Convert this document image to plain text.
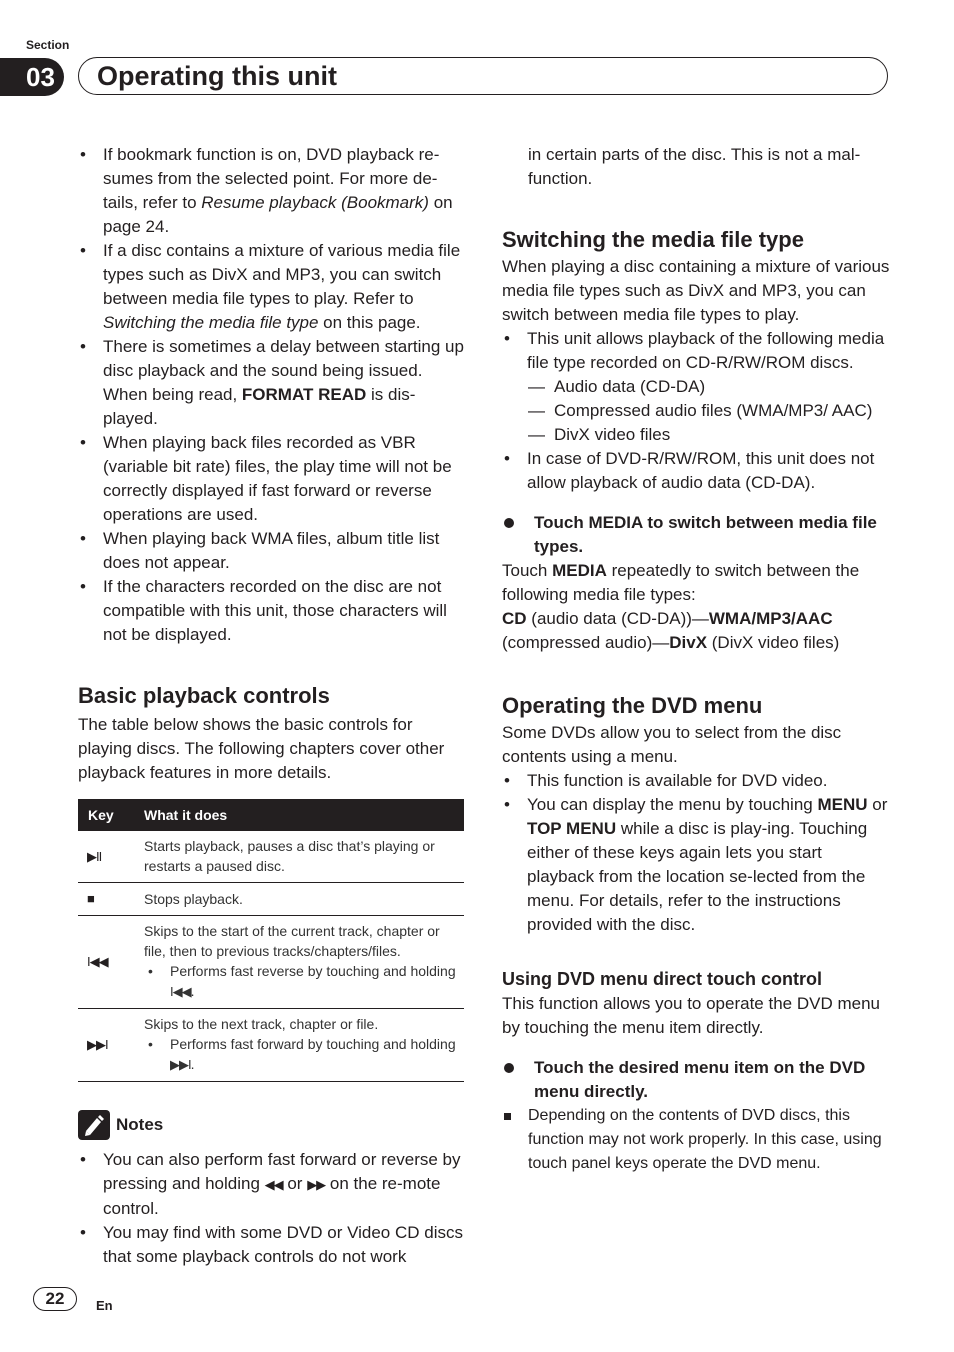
Section
03	Operating this unit
• If bookmark function is on, DVD playback re-sumes from the selected point. For more de-tails, refer to Resume playback (Bookmark) on page 24.
• If a disc contains a mixture of various media file types such as DivX and MP3, you can switch between media file types to play. Refer to Switching the media file type on this page.
• There is sometimes a delay between starting up disc playback and the sound being issued. When being read, FORMAT READ is dis-played.
• When playing back files recorded as VBR (variable bit rate) files, the play time will not be correctly displayed if fast forward or reverse operations are used.
• When playing back WMA files, album title list does not appear.
• If the characters recorded on the disc are not compatible with this unit, those characters will not be displayed.
Basic playback controls

The table below shows the basic controls for playing discs. The following chapters cover other playback features in more details.

Key	What it does
▶II	Starts playback, pauses a disc that’s playing or restarts a paused disc.
■	Stops playback.
I◀◀	Skips to the start of the current track, chapter or file, then to previous tracks/chapters/files.
• Performs fast reverse by touching and holding I◀◀.

▶▶I	Skips to the next track, chapter or file.
• Performs fast forward by touching and holding ▶▶I.
Notes
• You can also perform fast forward or reverse by pressing and holding ◀◀ or ▶▶ on the re-mote control.
• You may find with some DVD or Video CD discs that some playback controls do not work

in certain parts of the disc. This is not a mal-function.

Switching the media file type

When playing a disc containing a mixture of various media file types such as DivX and MP3, you can switch between media file types to play.

• This unit allows playback of the following media file type recorded on CD-R/RW/ROM discs.
— Audio data (CD-DA)
— Compressed audio files (WMA/MP3/ AAC)
— DivX video files
• In case of DVD-R/RW/ROM, this unit does not allow playback of audio data (CD-DA).
Touch MEDIA to switch between media file types.

Touch MEDIA repeatedly to switch between the following media file types:

CD (audio data (CD-DA))—WMA/MP3/AAC (compressed audio)—DivX (DivX video files)

Operating the DVD menu

Some DVDs allow you to select from the disc contents using a menu.

• This function is available for DVD video.
• You can display the menu by touching MENU or TOP MENU while a disc is play-ing. Touching either of these keys again lets you start playback from the location se-lected from the menu. For details, refer to the instructions provided with the disc.
Using DVD menu direct touch control

This function allows you to operate the DVD menu by touching the menu item directly.

Touch the desired menu item on the DVD menu directly.
Depending on the contents of DVD discs, this function may not work properly. In this case, using touch panel keys operate the DVD menu.
22	En
